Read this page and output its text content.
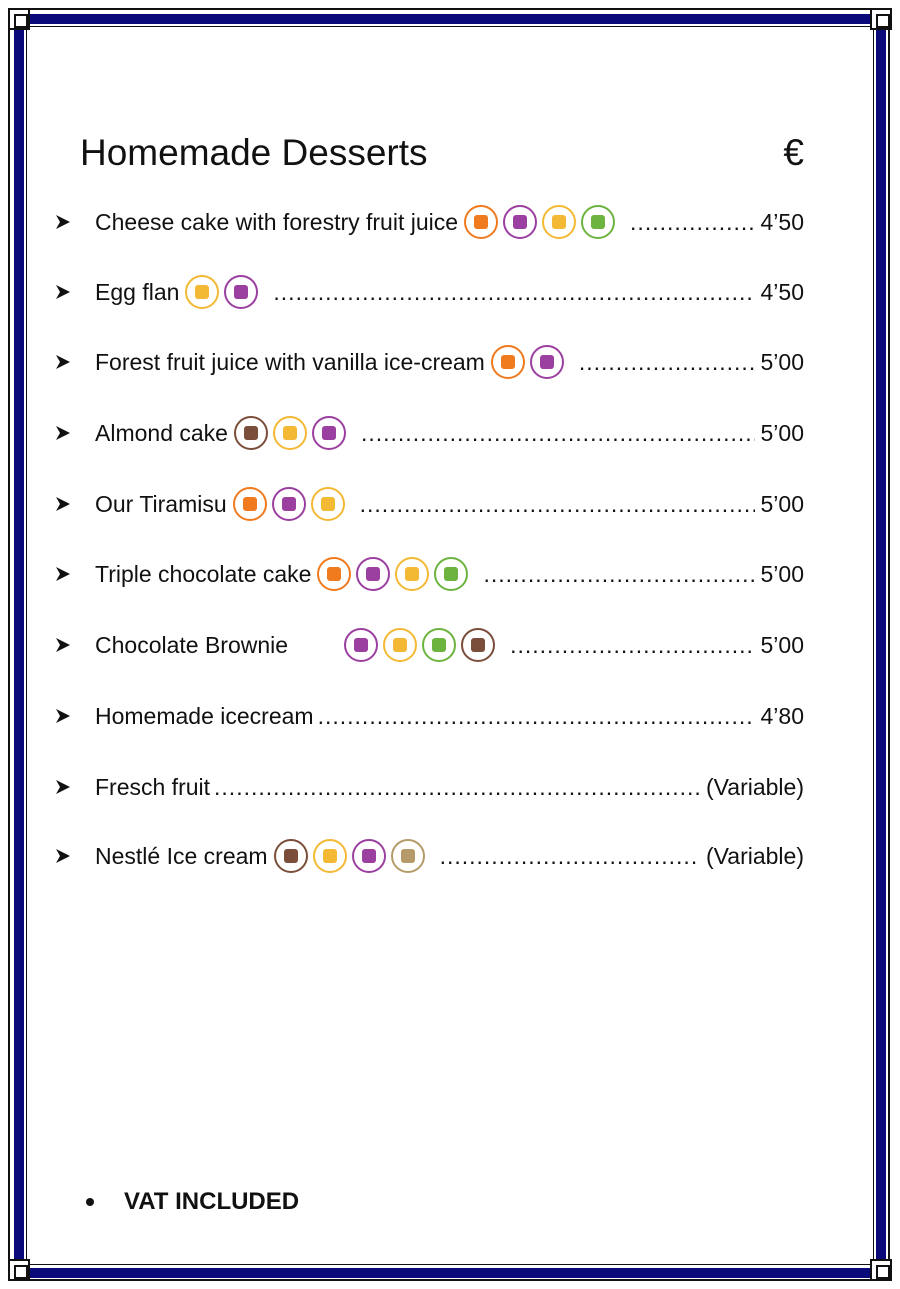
Homemade Desserts	€
Cheese cake with forestry fruit juice .....	4’50
Egg flan .....	4’50
Forest fruit juice with vanilla ice-cream .....	5’00
Almond cake .....	5’00
Our Tiramisu .....	5’00
Triple chocolate cake .....	5’00
Chocolate Brownie .....	5’00
Homemade icecream .....	4’80
Fresch fruit .....	(Variable)
Nestlé Ice cream .....	(Variable)
VAT INCLUDED
